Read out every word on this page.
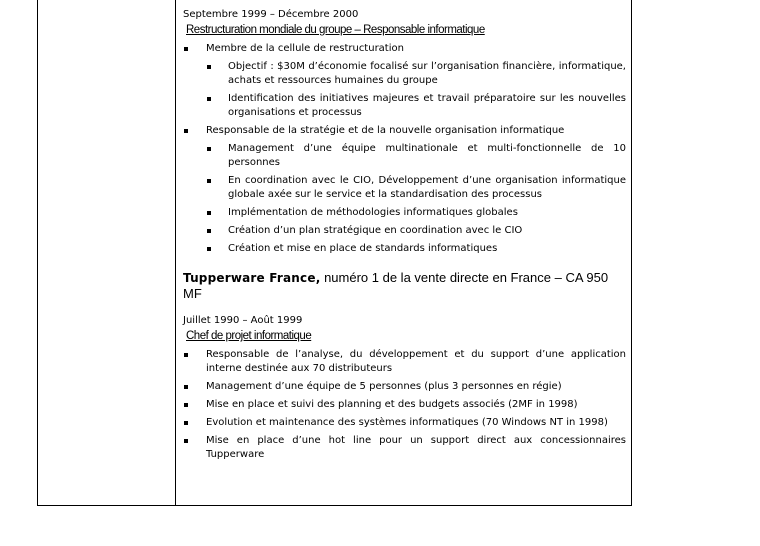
Septembre 1999 – Décembre 2000
Restructuration mondiale du groupe – Responsable informatique
Membre de la cellule de restructuration
Objectif : $30M d’économie focalisé sur l’organisation financière, informatique, achats et ressources humaines du groupe
Identification des initiatives majeures et travail préparatoire sur les nouvelles organisations et processus
Responsable de la stratégie et de la nouvelle organisation informatique
Management d’une équipe multinationale et multi-fonctionnelle de 10 personnes
En coordination avec le CIO, Développement d’une organisation informatique globale axée sur le service et la standardisation des processus
Implémentation de méthodologies informatiques globales
Création d’un plan stratégique en coordination avec le CIO
Création et mise en place de standards informatiques
Tupperware France, numéro 1 de la vente directe en France – CA 950 MF
Juillet 1990 – Août 1999
Chef de projet informatique
Responsable de l’analyse, du développement et du support d’une application interne destinée aux 70 distributeurs
Management d’une équipe de 5 personnes (plus 3 personnes en régie)
Mise en place et suivi des planning et des budgets associés (2MF in 1998)
Evolution et maintenance des systèmes informatiques (70 Windows NT in 1998)
Mise en place d’une hot line pour un support direct aux concessionnaires Tupperware
